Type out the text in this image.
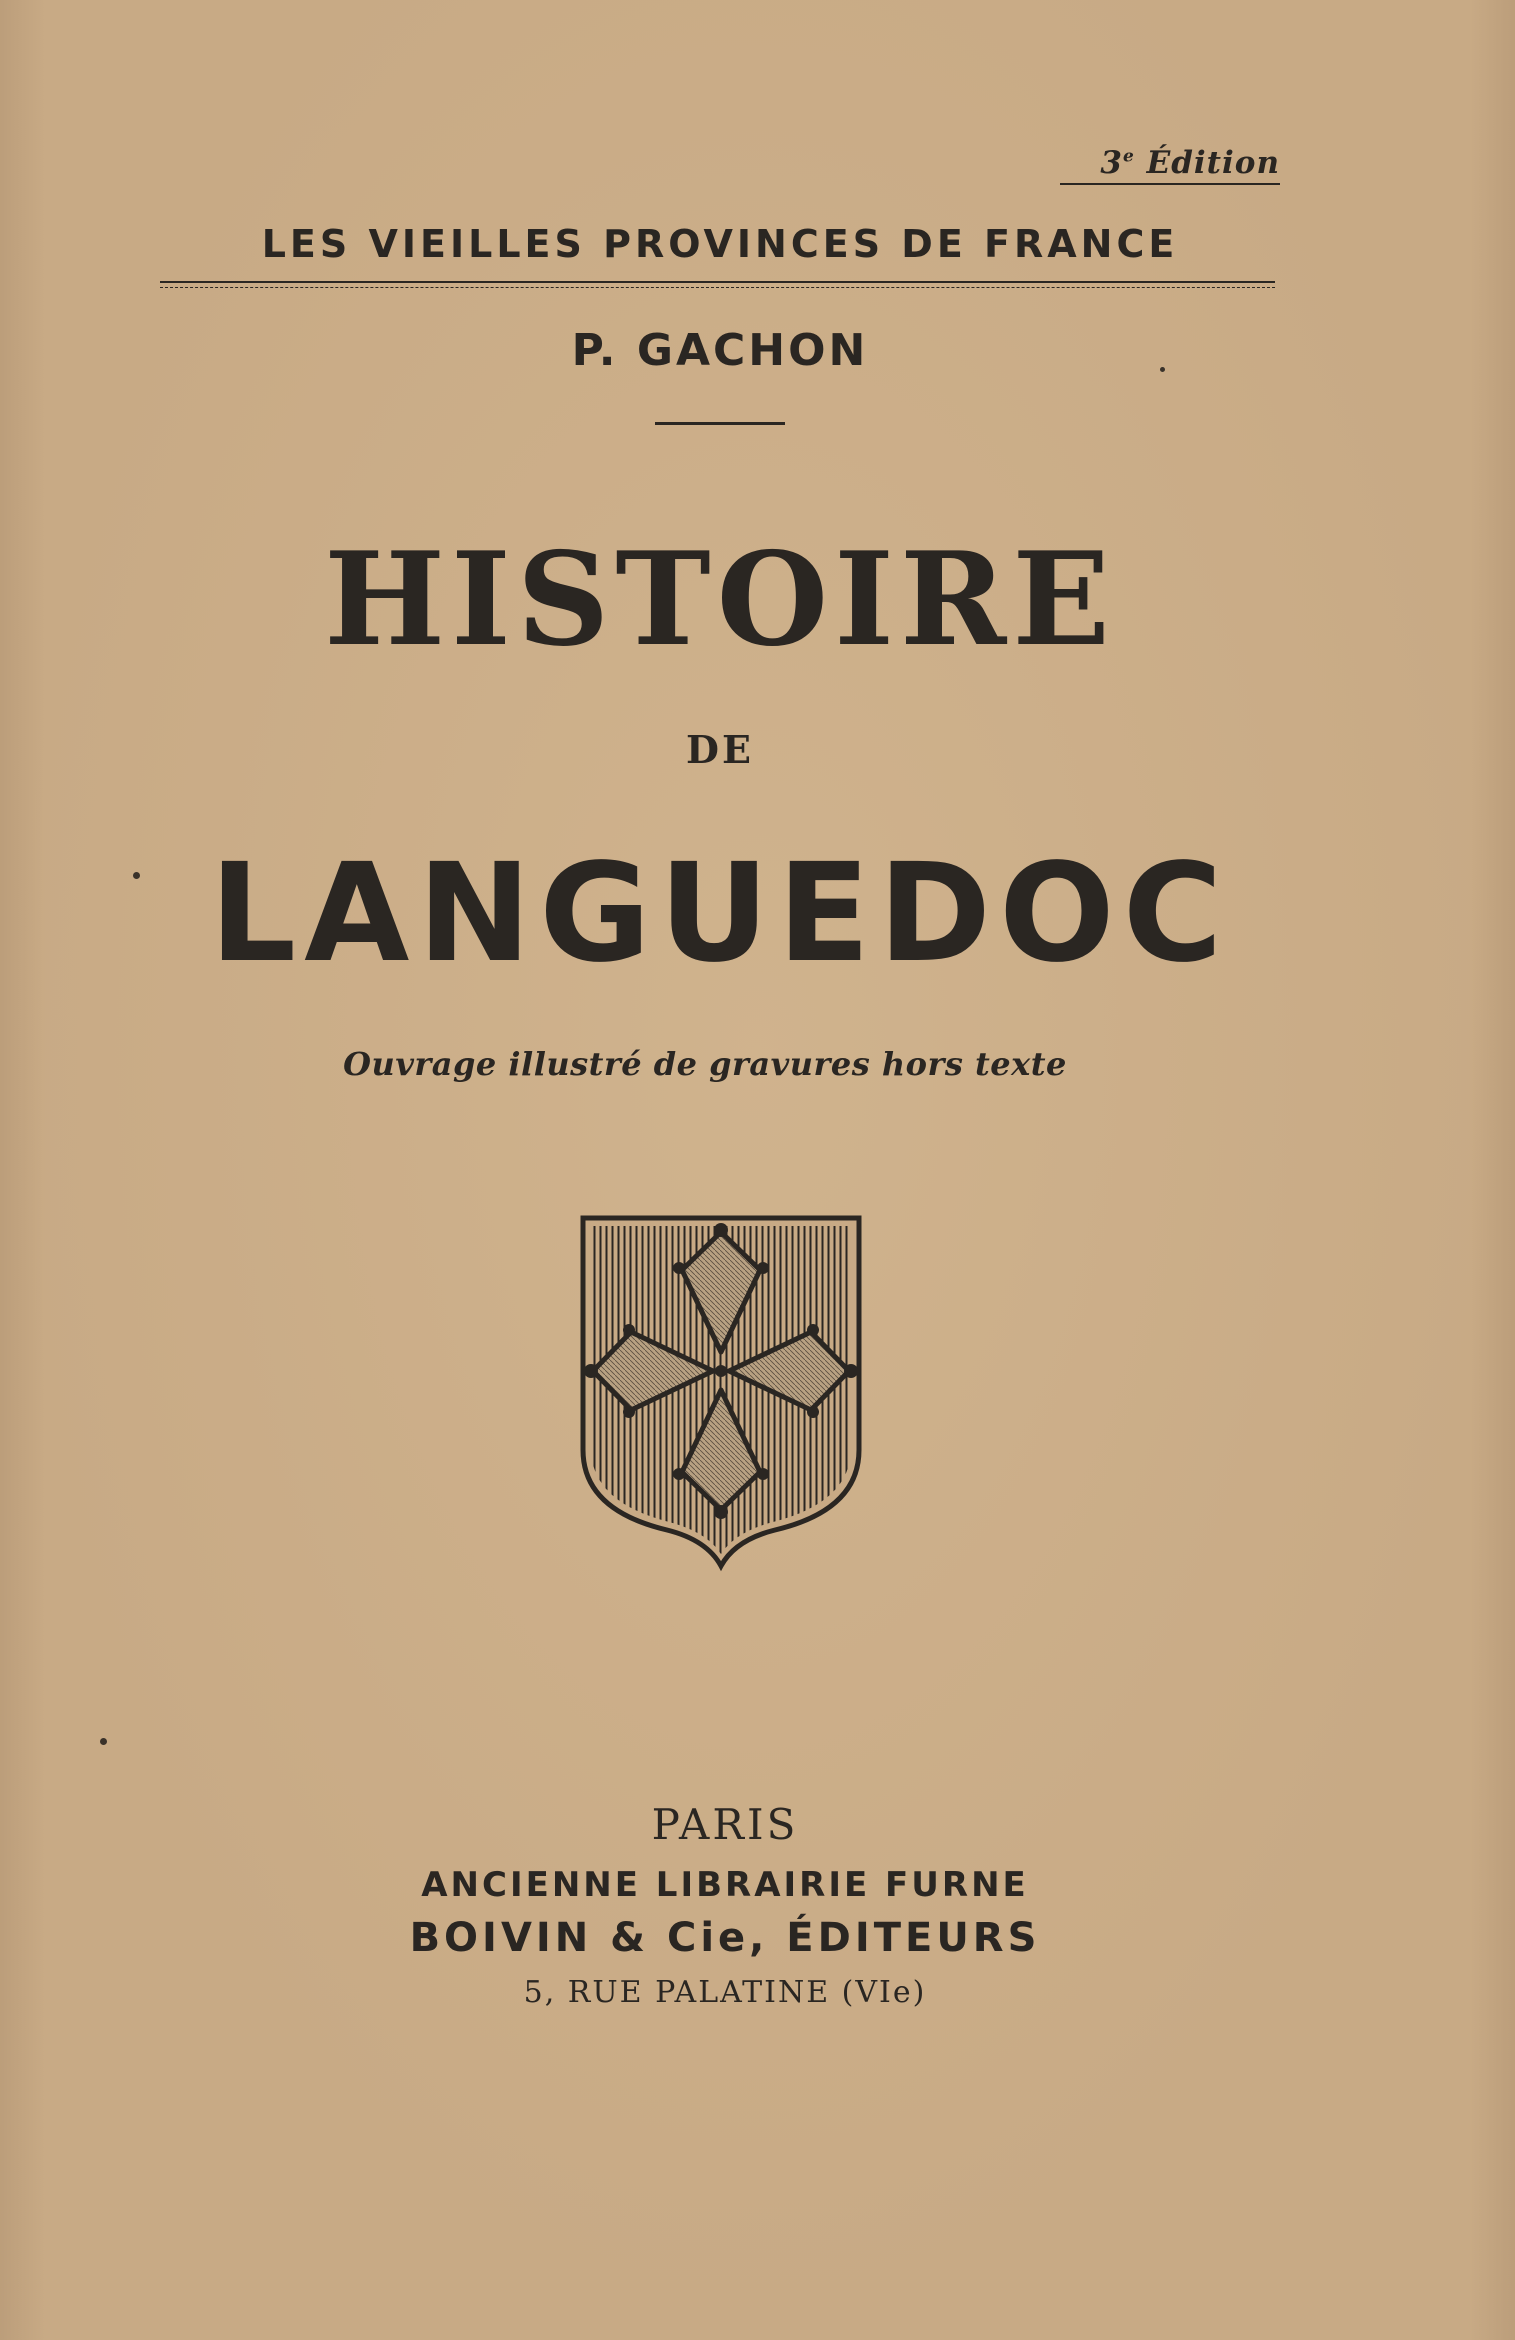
3e Édition
LES VIEILLES PROVINCES DE FRANCE
P. GACHON
HISTOIRE
DE
LANGUEDOC
Ouvrage illustré de gravures hors texte
PARIS
ANCIENNE LIBRAIRIE FURNE
BOIVIN & Cie, ÉDITEURS
5, RUE PALATINE (VIe)
